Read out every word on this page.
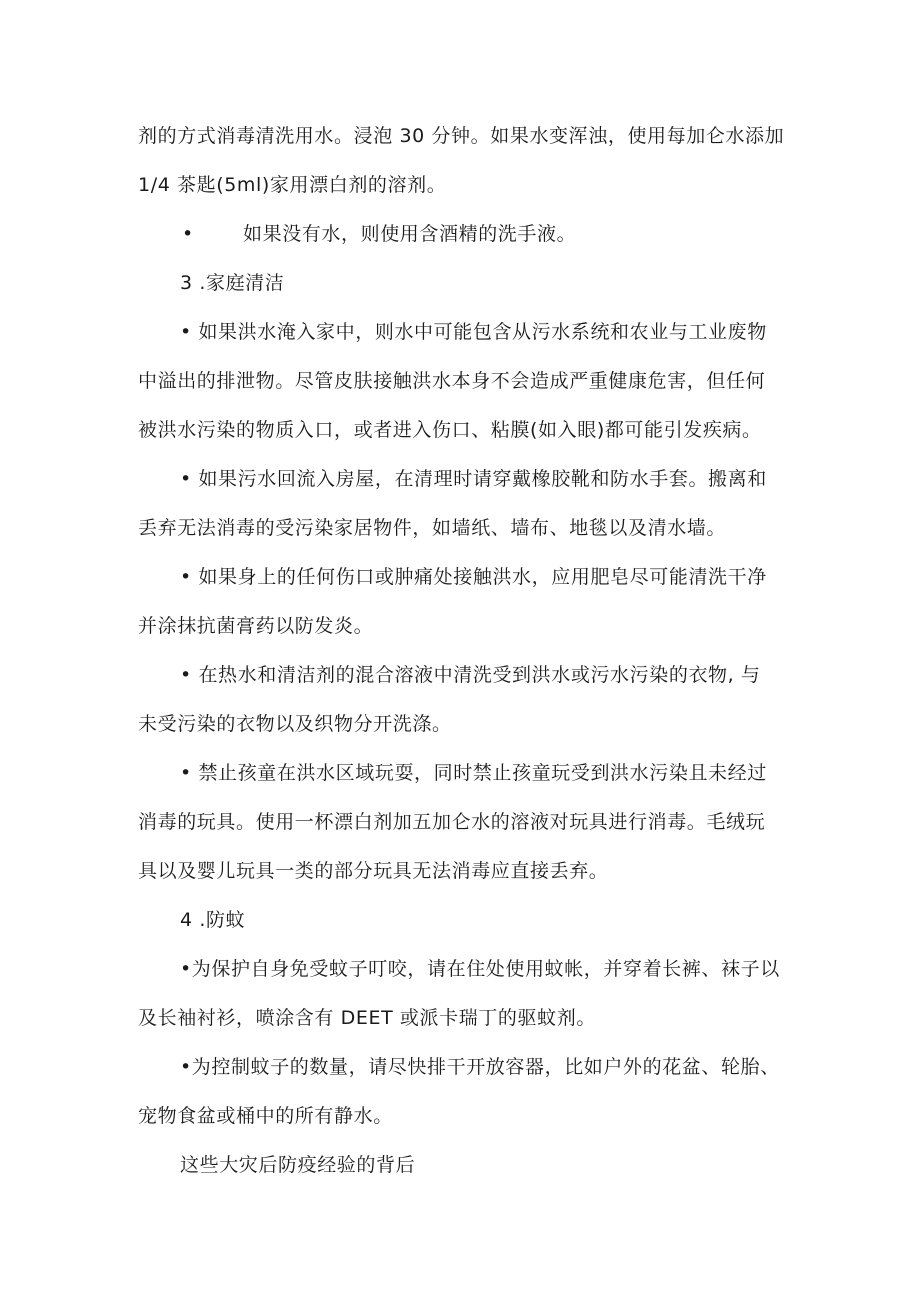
剂的方式消毒清洗用水。浸泡 30 分钟。如果水变浑浊，使用每加仑水添加
1/4 茶匙(5ml)家用漂白剂的溶剂。
•	如果没有水，则使用含酒精的洗手液。
3 .家庭清洁
• 如果洪水淹入家中，则水中可能包含从污水系统和农业与工业废物
中溢出的排泄物。尽管皮肤接触洪水本身不会造成严重健康危害，但任何
被洪水污染的物质入口，或者进入伤口、粘膜(如入眼)都可能引发疾病。
• 如果污水回流入房屋，在清理时请穿戴橡胶靴和防水手套。搬离和
丢弃无法消毒的受污染家居物件，如墙纸、墙布、地毯以及清水墙。
• 如果身上的任何伤口或肿痛处接触洪水，应用肥皂尽可能清洗干净
并涂抹抗菌膏药以防发炎。
• 在热水和清洁剂的混合溶液中清洗受到洪水或污水污染的衣物, 与
未受污染的衣物以及织物分开洗涤。
• 禁止孩童在洪水区域玩耍，同时禁止孩童玩受到洪水污染且未经过
消毒的玩具。使用一杯漂白剂加五加仑水的溶液对玩具进行消毒。毛绒玩
具以及婴儿玩具一类的部分玩具无法消毒应直接丢弃。
4 .防蚊
•为保护自身免受蚊子叮咬，请在住处使用蚊帐，并穿着长裤、袜子以
及长袖衬衫，喷涂含有 DEET 或派卡瑞丁的驱蚊剂。
•为控制蚊子的数量，请尽快排干开放容器，比如户外的花盆、轮胎、
宠物食盆或桶中的所有静水。
这些大灾后防疫经验的背后
